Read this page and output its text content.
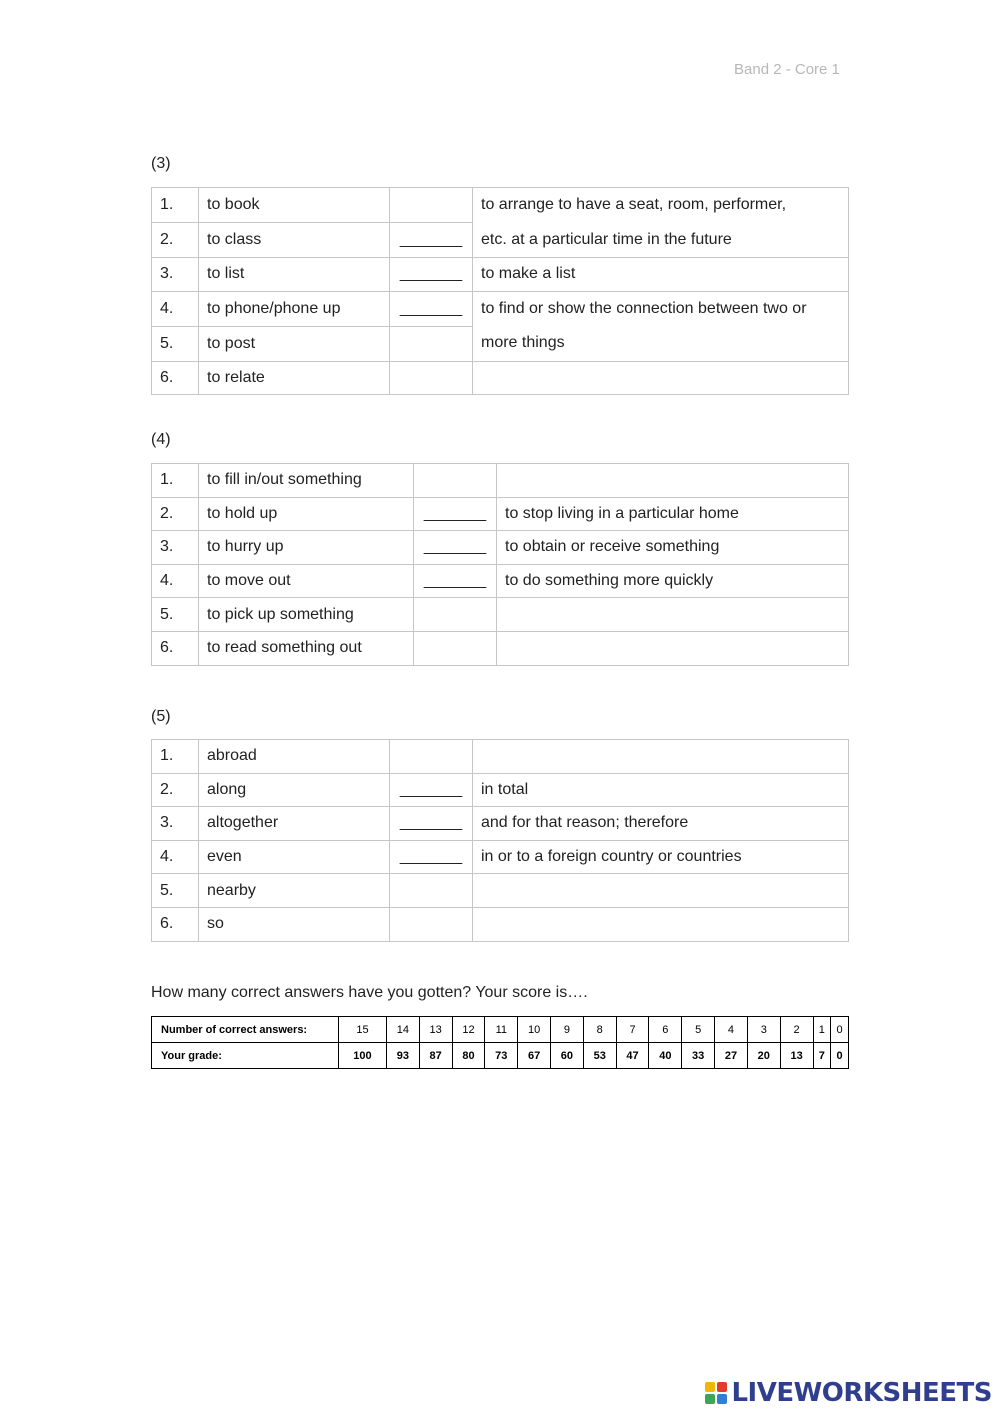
Band 2 - Core 1
(3)
1.	to book		to arrange to have a seat, room, performer,
etc. at a particular time in the future

2.	to class	_______	
3.	to list	_______	to make a list
4.	to phone/phone up	_______	to find or show the connection between two or
more things

5.	to post		
6.	to relate		
(4)
1.	to fill in/out something		
2.	to hold up	_______	to stop living in a particular home
3.	to hurry up	_______	to obtain or receive something
4.	to move out	_______	to do something more quickly
5.	to pick up something		
6.	to read something out		
(5)
1.	abroad		
2.	along	_______	in total
3.	altogether	_______	and for that reason; therefore
4.	even	_______	in or to a foreign country or countries
5.	nearby		
6.	so		
How many correct answers have you gotten? Your score is….
Number of correct answers:	15	14	13	12	11	10	9	8	7	6	5	4	3	2	1	0
Your grade:	100	93	87	80	73	67	60	53	47	40	33	27	20	13	7	0
LIVEWORKSHEETS
